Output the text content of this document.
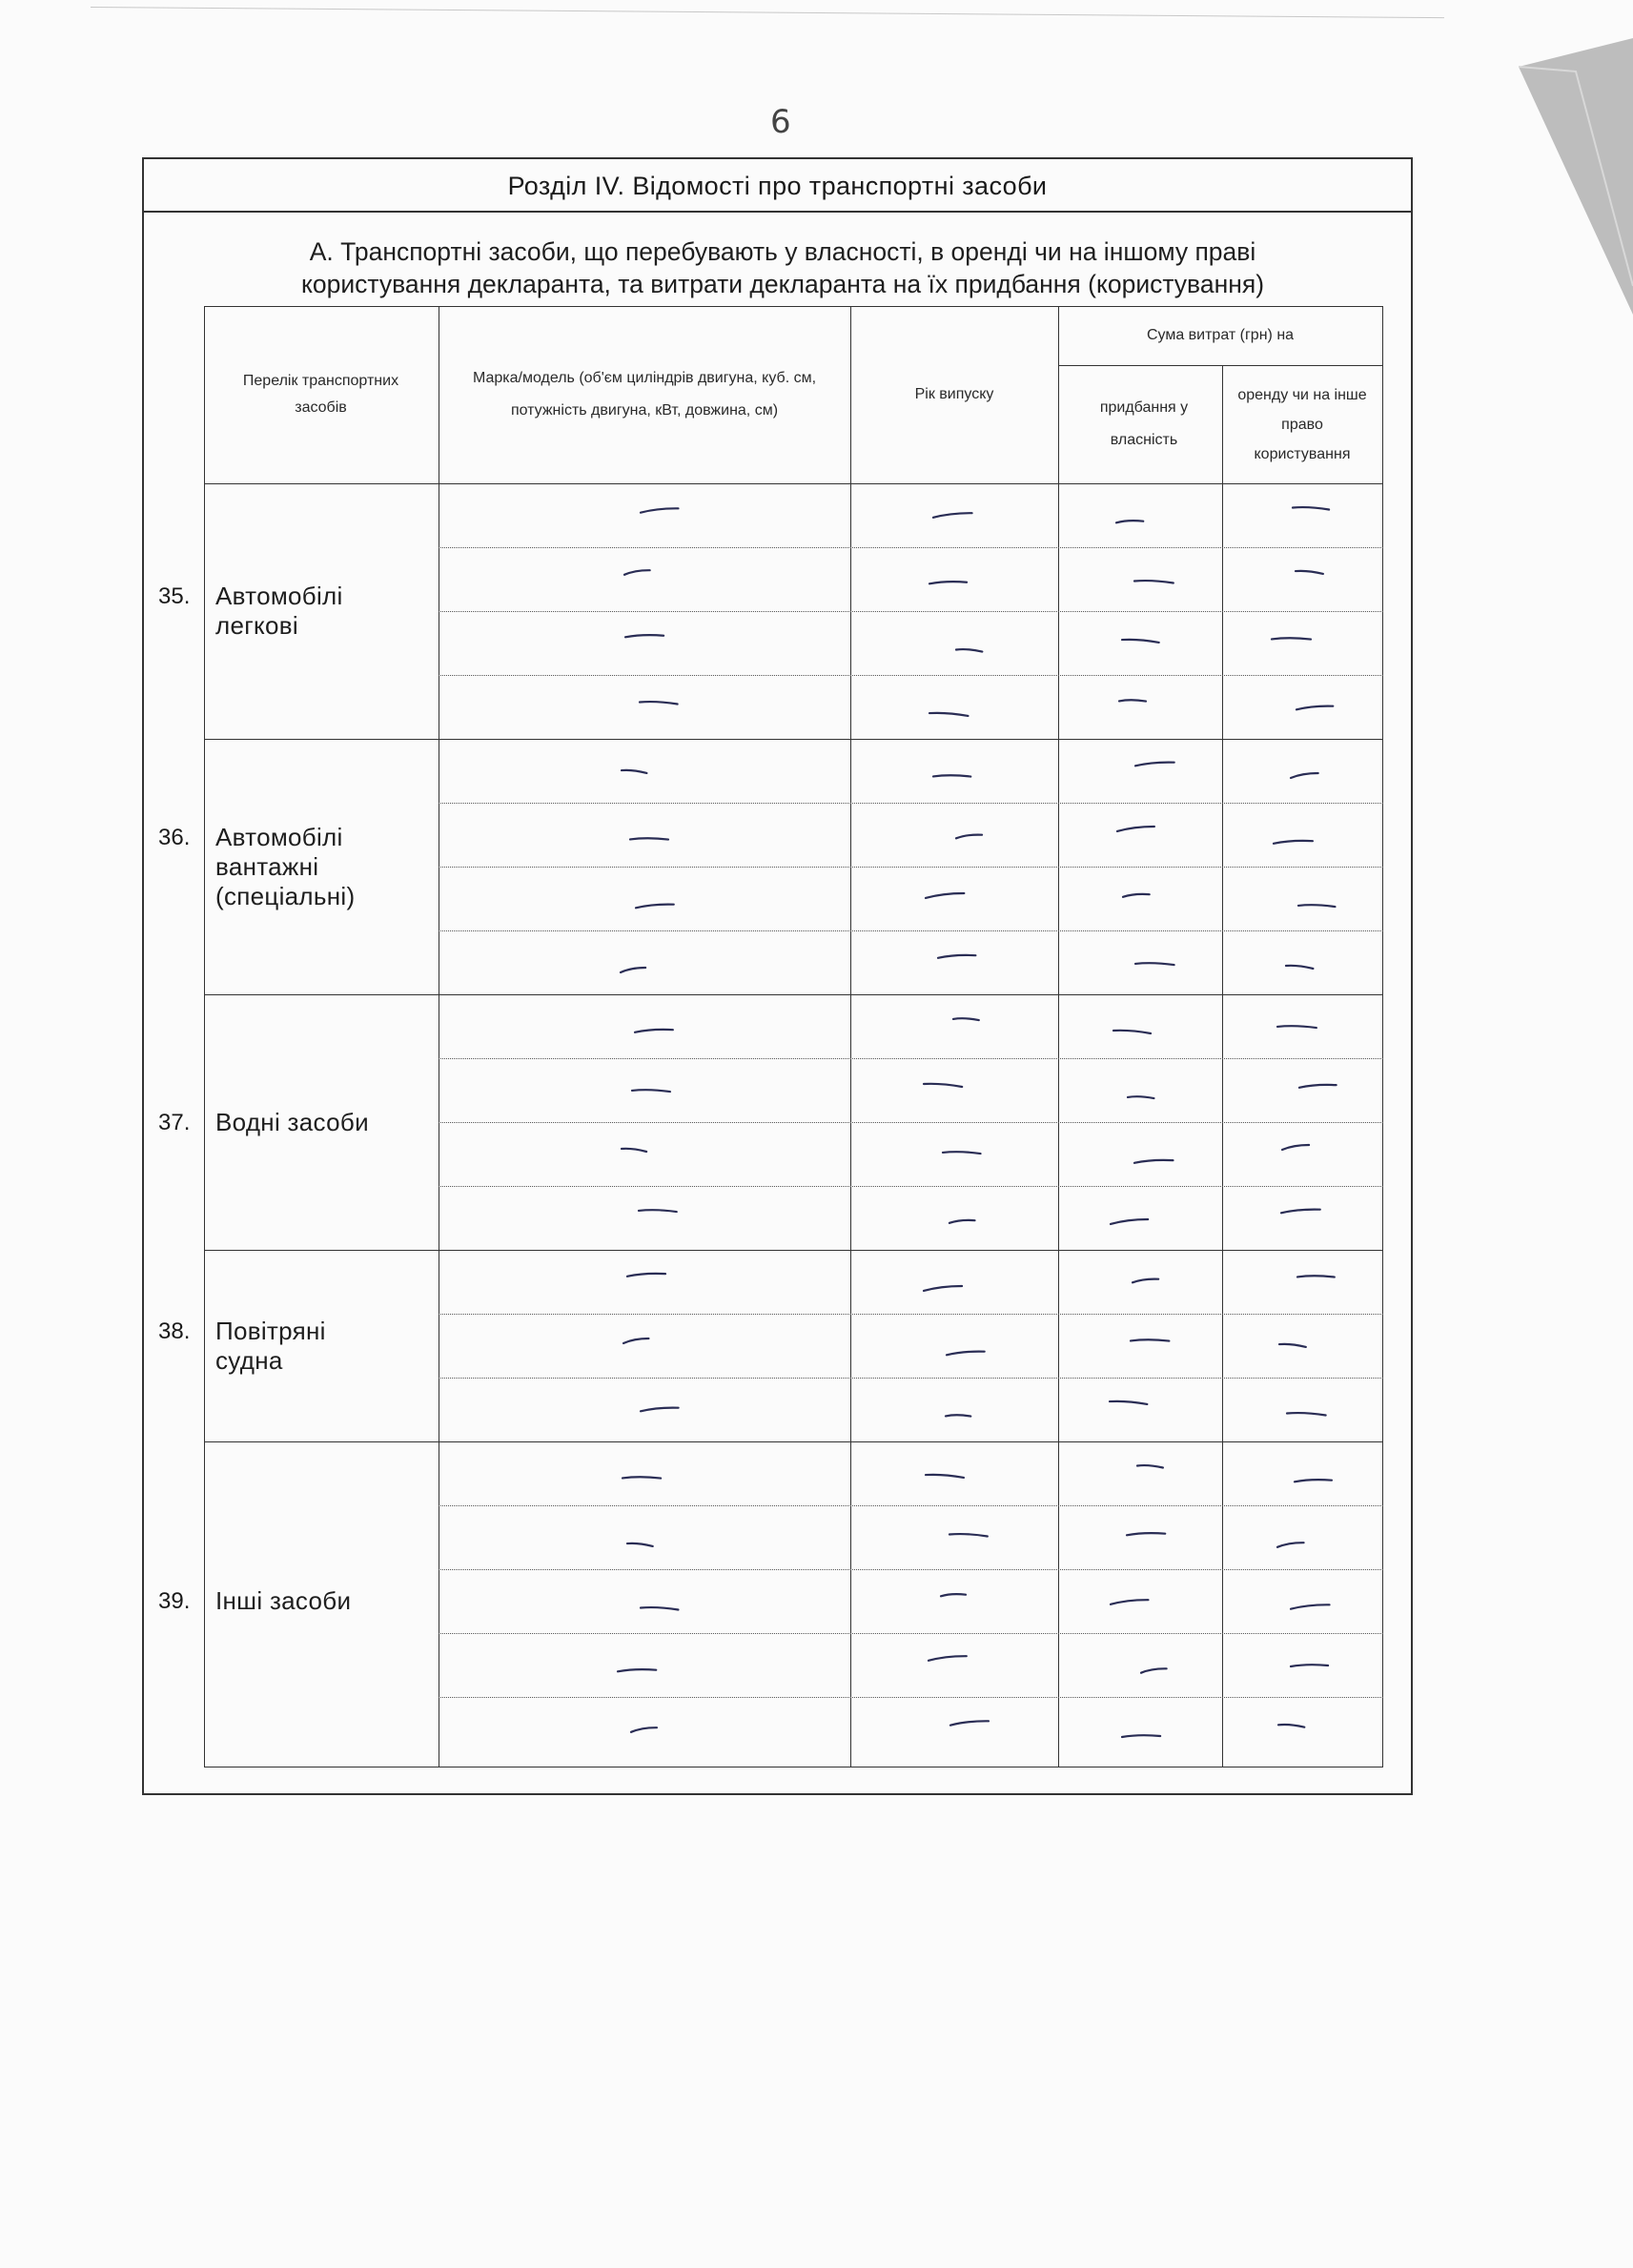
6
Розділ IV. Відомості про транспортні засоби
А. Транспортні засоби, що перебувають у власності, в оренді чи на іншому праві користування декларанта, та витрати декларанта на їх придбання (користування)
Перелік транспортних засобів
Марка/модель (об'єм циліндрів двигуна, куб. см, потужність двигуна, кВт, довжина, см)
Рік випуску
Сума витрат (грн) на
придбання у власність
оренду чи на інше право користування
35. Автомобілі легкові
36. Автомобілі вантажні (спеціальні)
37. Водні засоби
38. Повітряні судна
39. Інші засоби
